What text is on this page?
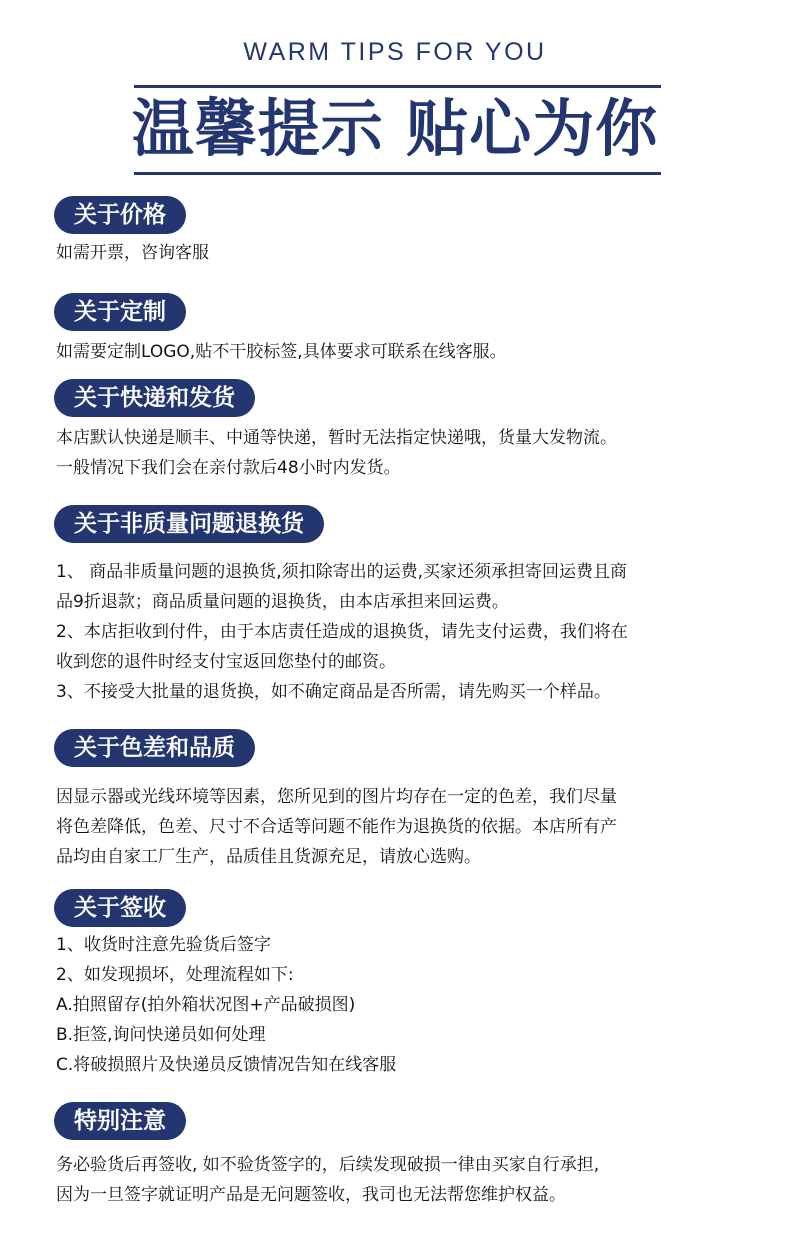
WARM TIPS FOR YOU
温馨提示 贴心为你
关于价格

如需开票，咨询客服

关于定制

如需要定制LOGO,贴不干胶标签,具体要求可联系在线客服。

关于快递和发货

本店默认快递是顺丰、中通等快递，暂时无法指定快递哦，货量大发物流。

一般情况下我们会在亲付款后48小时内发货。

关于非质量问题退换货

1、 商品非质量问题的退换货,须扣除寄出的运费,买家还须承担寄回运费且商

品9折退款；商品质量问题的退换货，由本店承担来回运费。

2、本店拒收到付件，由于本店责任造成的退换货，请先支付运费，我们将在

收到您的退件时经支付宝返回您垫付的邮资。

3、不接受大批量的退货换，如不确定商品是否所需，请先购买一个样品。

关于色差和品质

因显示器或光线环境等因素，您所见到的图片均存在一定的色差，我们尽量

将色差降低，色差、尺寸不合适等问题不能作为退换货的依据。本店所有产

品均由自家工厂生产，品质佳且货源充足，请放心选购。

关于签收

1、收货时注意先验货后签字

2、如发现损坏，处理流程如下:

A.拍照留存(拍外箱状况图+产品破损图)

B.拒签,询问快递员如何处理

C.将破损照片及快递员反馈情况告知在线客服

特别注意

务必验货后再签收, 如不验货签字的，后续发现破损一律由买家自行承担,

因为一旦签字就证明产品是无问题签收，我司也无法帮您维护权益。
